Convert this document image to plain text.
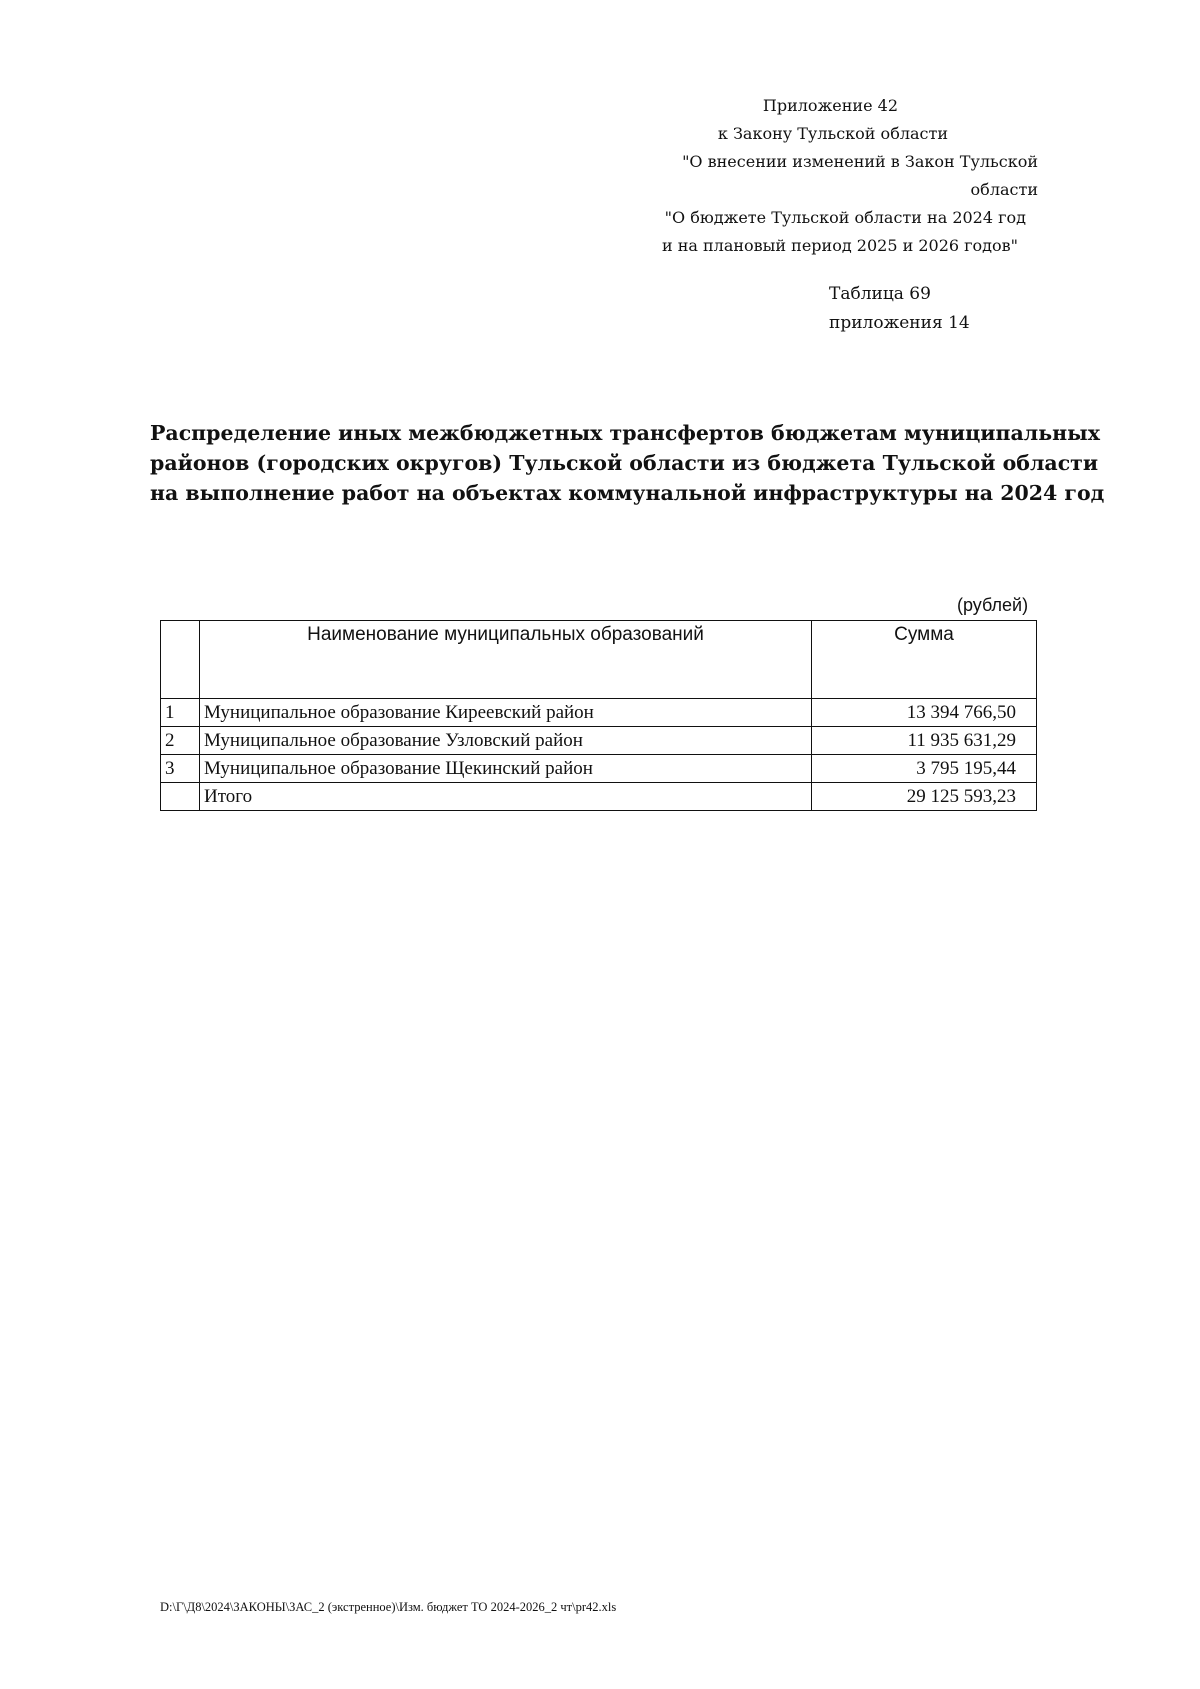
Приложение 42
к Закону Тульской области
"О внесении изменений в Закон Тульской области
"О бюджете Тульской области на 2024 год
и на плановый период 2025 и 2026 годов"
Таблица 69
приложения 14
Распределение иных межбюджетных трансфертов бюджетам муниципальных
районов (городских округов) Тульской области из бюджета Тульской области
на выполнение работ на объектах коммунальной инфраструктуры на 2024 год
(рублей)
	Наименование муниципальных образований	Сумма
1	Муниципальное образование Киреевский район	13 394 766,50
2	Муниципальное образование Узловский район	11 935 631,29
3	Муниципальное образование Щекинский район	3 795 195,44
	Итого	29 125 593,23
D:\Г\Д8\2024\ЗАКОНЫ\ЗАС_2 (экстренное)\Изм. бюджет ТО 2024-2026_2 чт\pr42.xls
